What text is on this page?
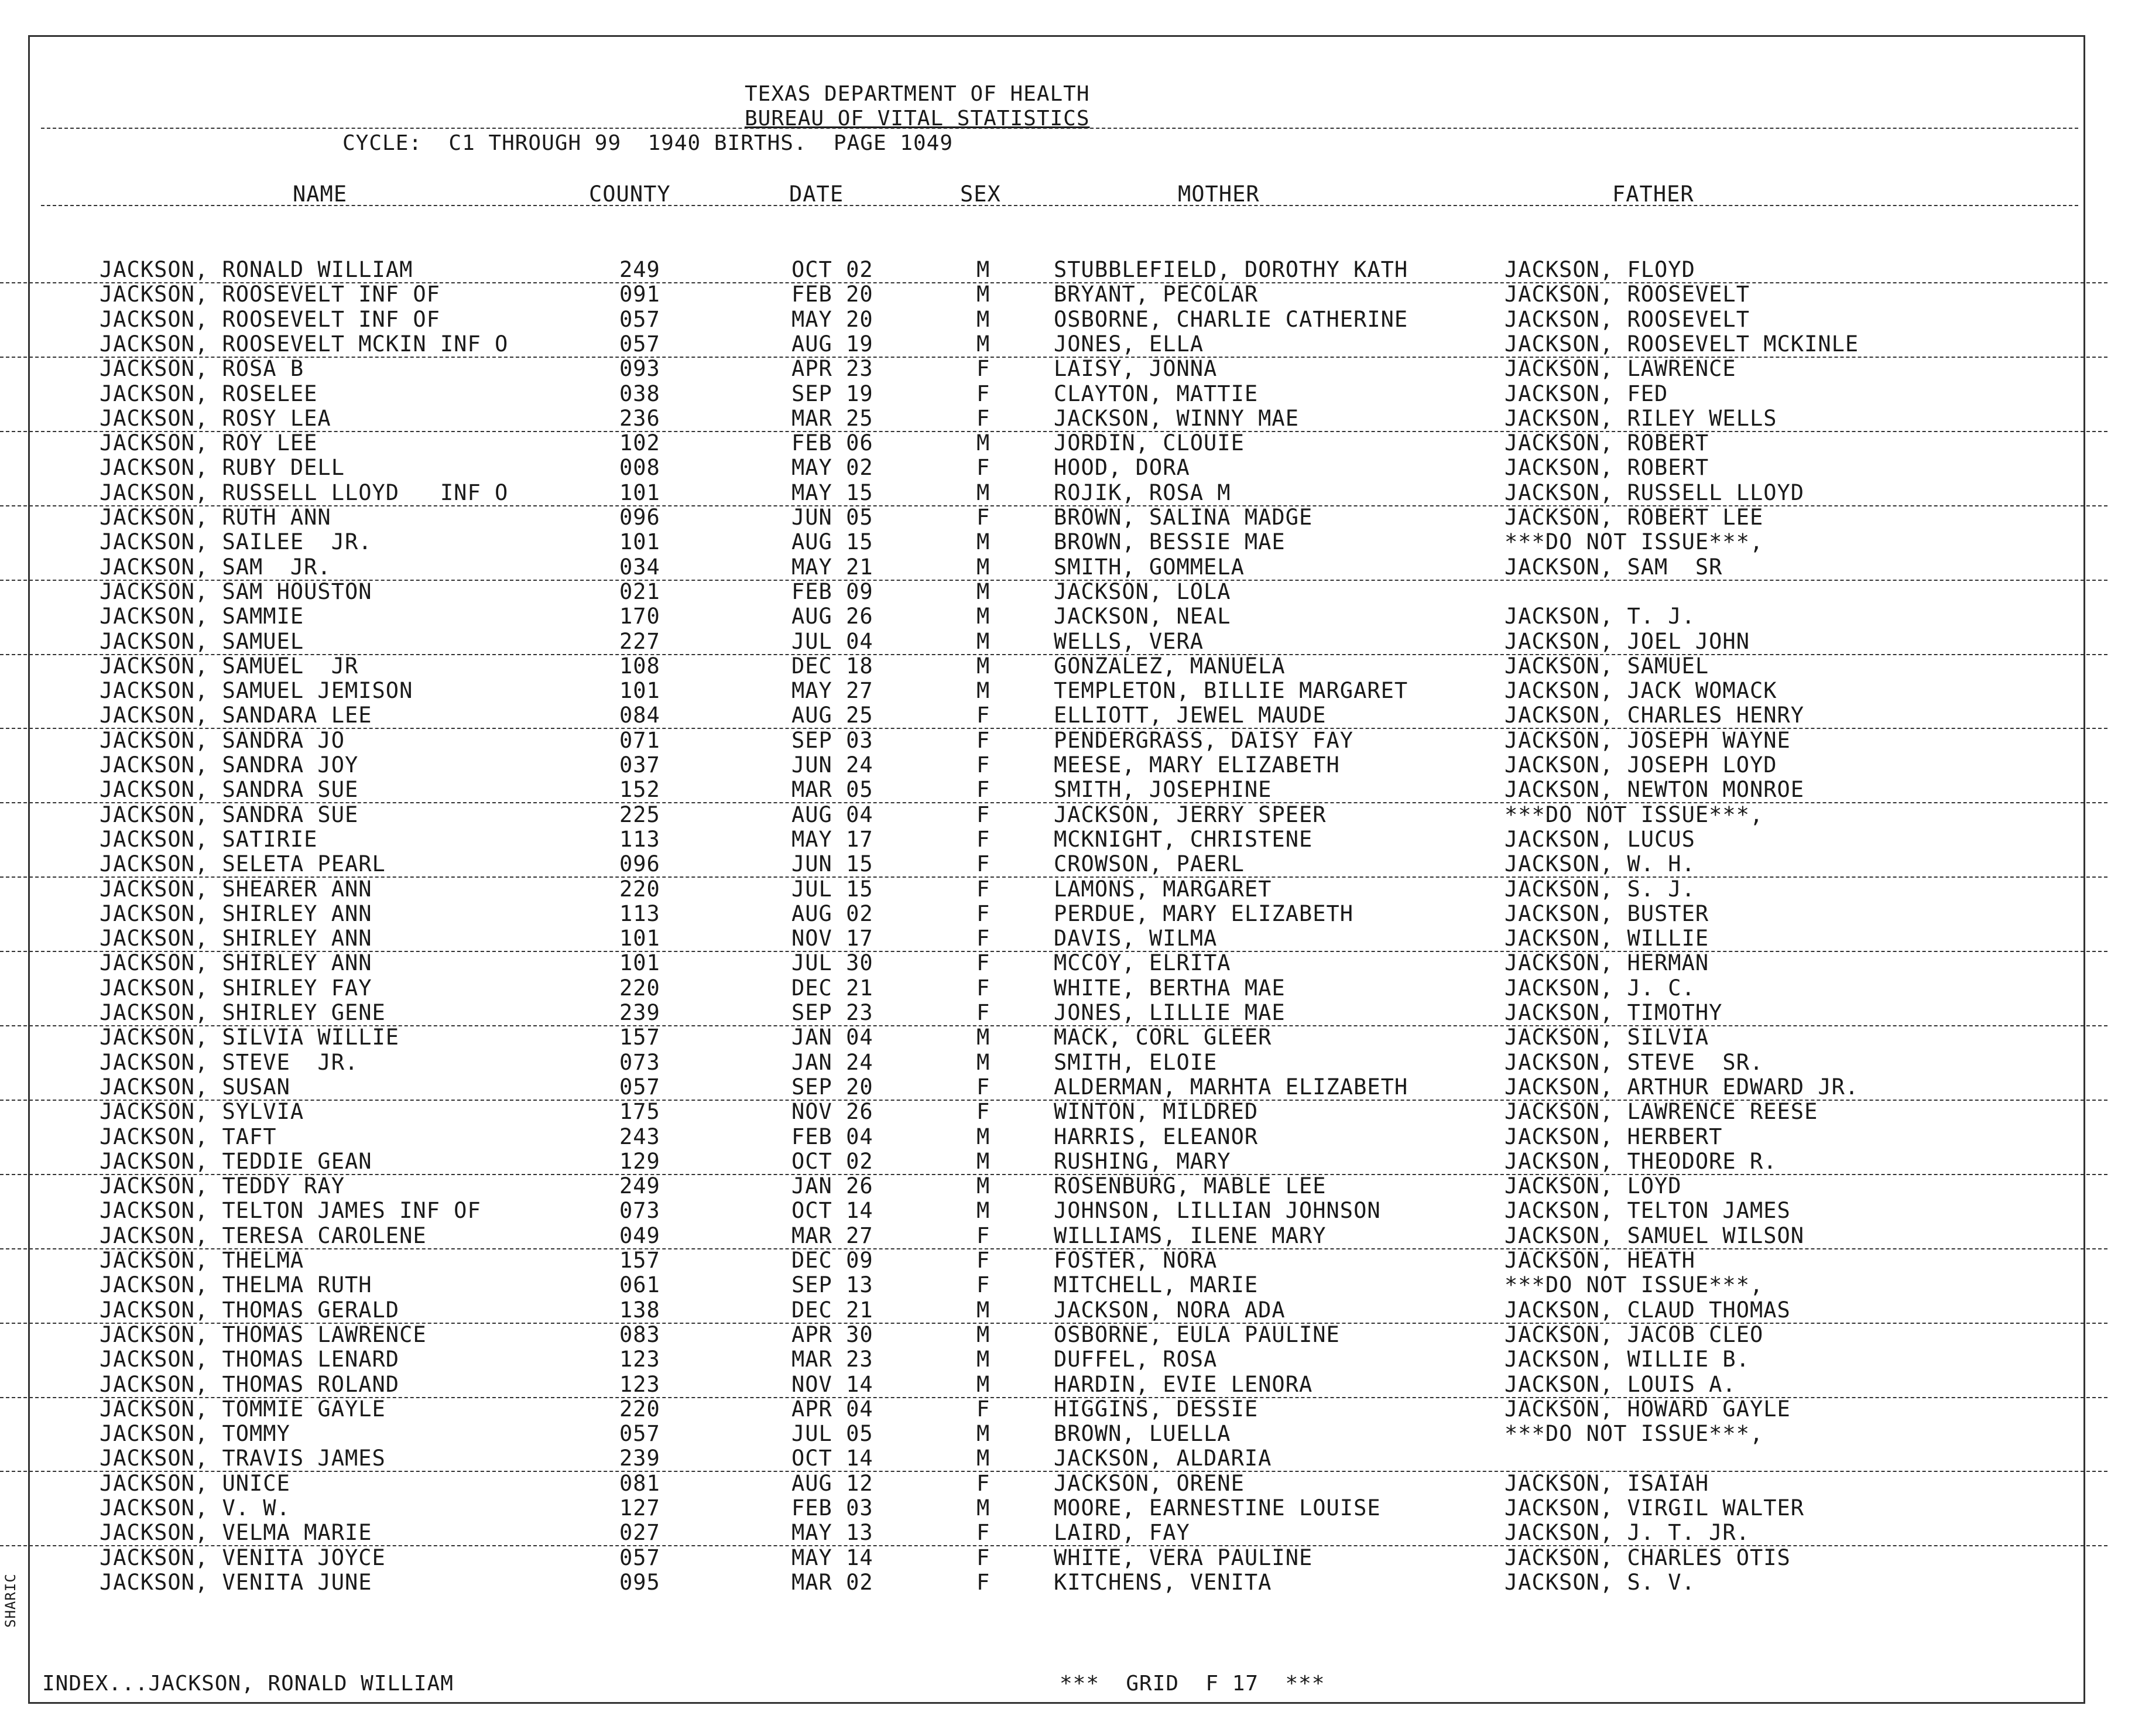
TEXAS DEPARTMENT OF HEALTH
BUREAU OF VITAL STATISTICS
CYCLE:  C1 THROUGH 99  1940 BIRTHS.  PAGE 1049
NAME	COUNTY	DATE	SEX	MOTHER	FATHER
JACKSON, RONALD WILLIAM	249	OCT 02	M	STUBBLEFIELD, DOROTHY KATH	JACKSON, FLOYD
JACKSON, ROOSEVELT INF OF	091	FEB 20	M	BRYANT, PECOLAR	JACKSON, ROOSEVELT
JACKSON, ROOSEVELT INF OF	057	MAY 20	M	OSBORNE, CHARLIE CATHERINE	JACKSON, ROOSEVELT
JACKSON, ROOSEVELT MCKIN INF O	057	AUG 19	M	JONES, ELLA	JACKSON, ROOSEVELT MCKINLE
JACKSON, ROSA B	093	APR 23	F	LAISY, JONNA	JACKSON, LAWRENCE
JACKSON, ROSELEE	038	SEP 19	F	CLAYTON, MATTIE	JACKSON, FED
JACKSON, ROSY LEA	236	MAR 25	F	JACKSON, WINNY MAE	JACKSON, RILEY WELLS
JACKSON, ROY LEE	102	FEB 06	M	JORDIN, CLOUIE	JACKSON, ROBERT
JACKSON, RUBY DELL	008	MAY 02	F	HOOD, DORA	JACKSON, ROBERT
JACKSON, RUSSELL LLOYD   INF O	101	MAY 15	M	ROJIK, ROSA M	JACKSON, RUSSELL LLOYD
JACKSON, RUTH ANN	096	JUN 05	F	BROWN, SALINA MADGE	JACKSON, ROBERT LEE
JACKSON, SAILEE  JR.	101	AUG 15	M	BROWN, BESSIE MAE	***DO NOT ISSUE***,
JACKSON, SAM  JR.	034	MAY 21	M	SMITH, GOMMELA	JACKSON, SAM  SR
JACKSON, SAM HOUSTON	021	FEB 09	M	JACKSON, LOLA
JACKSON, SAMMIE	170	AUG 26	M	JACKSON, NEAL	JACKSON, T. J.
JACKSON, SAMUEL	227	JUL 04	M	WELLS, VERA	JACKSON, JOEL JOHN
JACKSON, SAMUEL  JR	108	DEC 18	M	GONZALEZ, MANUELA	JACKSON, SAMUEL
JACKSON, SAMUEL JEMISON	101	MAY 27	M	TEMPLETON, BILLIE MARGARET	JACKSON, JACK WOMACK
JACKSON, SANDARA LEE	084	AUG 25	F	ELLIOTT, JEWEL MAUDE	JACKSON, CHARLES HENRY
JACKSON, SANDRA JO	071	SEP 03	F	PENDERGRASS, DAISY FAY	JACKSON, JOSEPH WAYNE
JACKSON, SANDRA JOY	037	JUN 24	F	MEESE, MARY ELIZABETH	JACKSON, JOSEPH LOYD
JACKSON, SANDRA SUE	152	MAR 05	F	SMITH, JOSEPHINE	JACKSON, NEWTON MONROE
JACKSON, SANDRA SUE	225	AUG 04	F	JACKSON, JERRY SPEER	***DO NOT ISSUE***,
JACKSON, SATIRIE	113	MAY 17	F	MCKNIGHT, CHRISTENE	JACKSON, LUCUS
JACKSON, SELETA PEARL	096	JUN 15	F	CROWSON, PAERL	JACKSON, W. H.
JACKSON, SHEARER ANN	220	JUL 15	F	LAMONS, MARGARET	JACKSON, S. J.
JACKSON, SHIRLEY ANN	113	AUG 02	F	PERDUE, MARY ELIZABETH	JACKSON, BUSTER
JACKSON, SHIRLEY ANN	101	NOV 17	F	DAVIS, WILMA	JACKSON, WILLIE
JACKSON, SHIRLEY ANN	101	JUL 30	F	MCCOY, ELRITA	JACKSON, HERMAN
JACKSON, SHIRLEY FAY	220	DEC 21	F	WHITE, BERTHA MAE	JACKSON, J. C.
JACKSON, SHIRLEY GENE	239	SEP 23	F	JONES, LILLIE MAE	JACKSON, TIMOTHY
JACKSON, SILVIA WILLIE	157	JAN 04	M	MACK, CORL GLEER	JACKSON, SILVIA
JACKSON, STEVE  JR.	073	JAN 24	M	SMITH, ELOIE	JACKSON, STEVE  SR.
JACKSON, SUSAN	057	SEP 20	F	ALDERMAN, MARHTA ELIZABETH	JACKSON, ARTHUR EDWARD JR.
JACKSON, SYLVIA	175	NOV 26	F	WINTON, MILDRED	JACKSON, LAWRENCE REESE
JACKSON, TAFT	243	FEB 04	M	HARRIS, ELEANOR	JACKSON, HERBERT
JACKSON, TEDDIE GEAN	129	OCT 02	M	RUSHING, MARY	JACKSON, THEODORE R.
JACKSON, TEDDY RAY	249	JAN 26	M	ROSENBURG, MABLE LEE	JACKSON, LOYD
JACKSON, TELTON JAMES INF OF	073	OCT 14	M	JOHNSON, LILLIAN JOHNSON	JACKSON, TELTON JAMES
JACKSON, TERESA CAROLENE	049	MAR 27	F	WILLIAMS, ILENE MARY	JACKSON, SAMUEL WILSON
JACKSON, THELMA	157	DEC 09	F	FOSTER, NORA	JACKSON, HEATH
JACKSON, THELMA RUTH	061	SEP 13	F	MITCHELL, MARIE	***DO NOT ISSUE***,
JACKSON, THOMAS GERALD	138	DEC 21	M	JACKSON, NORA ADA	JACKSON, CLAUD THOMAS
JACKSON, THOMAS LAWRENCE	083	APR 30	M	OSBORNE, EULA PAULINE	JACKSON, JACOB CLEO
JACKSON, THOMAS LENARD	123	MAR 23	M	DUFFEL, ROSA	JACKSON, WILLIE B.
JACKSON, THOMAS ROLAND	123	NOV 14	M	HARDIN, EVIE LENORA	JACKSON, LOUIS A.
JACKSON, TOMMIE GAYLE	220	APR 04	F	HIGGINS, DESSIE	JACKSON, HOWARD GAYLE
JACKSON, TOMMY	057	JUL 05	M	BROWN, LUELLA	***DO NOT ISSUE***,
JACKSON, TRAVIS JAMES	239	OCT 14	M	JACKSON, ALDARIA
JACKSON, UNICE	081	AUG 12	F	JACKSON, ORENE	JACKSON, ISAIAH
JACKSON, V. W.	127	FEB 03	M	MOORE, EARNESTINE LOUISE	JACKSON, VIRGIL WALTER
JACKSON, VELMA MARIE	027	MAY 13	F	LAIRD, FAY	JACKSON, J. T. JR.
JACKSON, VENITA JOYCE	057	MAY 14	F	WHITE, VERA PAULINE	JACKSON, CHARLES OTIS
JACKSON, VENITA JUNE	095	MAR 02	F	KITCHENS, VENITA	JACKSON, S. V.
INDEX...JACKSON, RONALD WILLIAM	***  GRID  F 17  ***
SHARIC
